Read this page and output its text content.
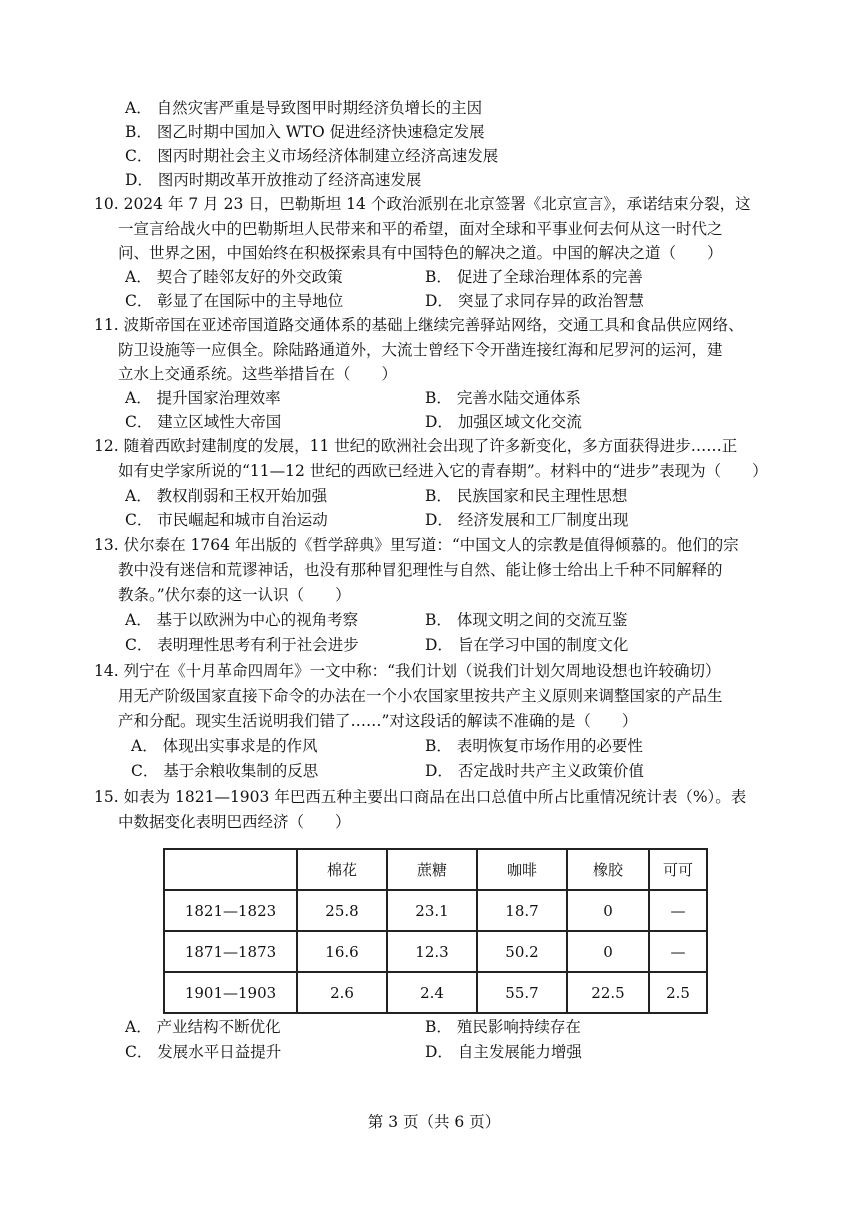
A． 自然灾害严重是导致图甲时期经济负增长的主因
B． 图乙时期中国加入 WTO 促进经济快速稳定发展
C． 图丙时期社会主义市场经济体制建立经济高速发展
D． 图丙时期改革开放推动了经济高速发展
10. 2024 年 7 月 23 日，巴勒斯坦 14 个政治派别在北京签署《北京宣言》，承诺结束分裂，这
一宣言给战火中的巴勒斯坦人民带来和平的希望，面对全球和平事业何去何从这一时代之
问、世界之困，中国始终在积极探索具有中国特色的解决之道。中国的解决之道（　　）
A． 契合了睦邻友好的外交政策	B． 促进了全球治理体系的完善
C． 彰显了在国际中的主导地位	D． 突显了求同存异的政治智慧
11. 波斯帝国在亚述帝国道路交通体系的基础上继续完善驿站网络，交通工具和食品供应网络、
防卫设施等一应俱全。除陆路通道外，大流士曾经下令开凿连接红海和尼罗河的运河，建
立水上交通系统。这些举措旨在（　　）
A． 提升国家治理效率	B． 完善水陆交通体系
C． 建立区域性大帝国	D． 加强区域文化交流
12. 随着西欧封建制度的发展，11 世纪的欧洲社会出现了许多新变化，多方面获得进步……正
如有史学家所说的“11—12 世纪的西欧已经进入它的青春期”。材料中的“进步”表现为（　　）
A． 教权削弱和王权开始加强	B． 民族国家和民主理性思想
C． 市民崛起和城市自治运动	D． 经济发展和工厂制度出现
13. 伏尔泰在 1764 年出版的《哲学辞典》里写道：“中国文人的宗教是值得倾慕的。他们的宗
教中没有迷信和荒谬神话，也没有那种冒犯理性与自然、能让修士给出上千种不同解释的
教条。”伏尔泰的这一认识（　　）
A． 基于以欧洲为中心的视角考察	B． 体现文明之间的交流互鉴
C． 表明理性思考有利于社会进步	D． 旨在学习中国的制度文化
14. 列宁在《十月革命四周年》一文中称：“我们计划（说我们计划欠周地设想也许较确切）
用无产阶级国家直接下命令的办法在一个小农国家里按共产主义原则来调整国家的产品生
产和分配。现实生活说明我们错了……”对这段话的解读不准确的是（　　）
A． 体现出实事求是的作风	B． 表明恢复市场作用的必要性
C． 基于余粮收集制的反思	D． 否定战时共产主义政策价值
15. 如表为 1821—1903 年巴西五种主要出口商品在出口总值中所占比重情况统计表（%）。表
中数据变化表明巴西经济（　　）
	棉花	蔗糖	咖啡	橡胶	可可
1821—1823	25.8	23.1	18.7	0	—
1871—1873	16.6	12.3	50.2	0	—
1901—1903	2.6	2.4	55.7	22.5	2.5
A． 产业结构不断优化	B． 殖民影响持续存在
C． 发展水平日益提升	D． 自主发展能力增强
第 3 页（共 6 页）
